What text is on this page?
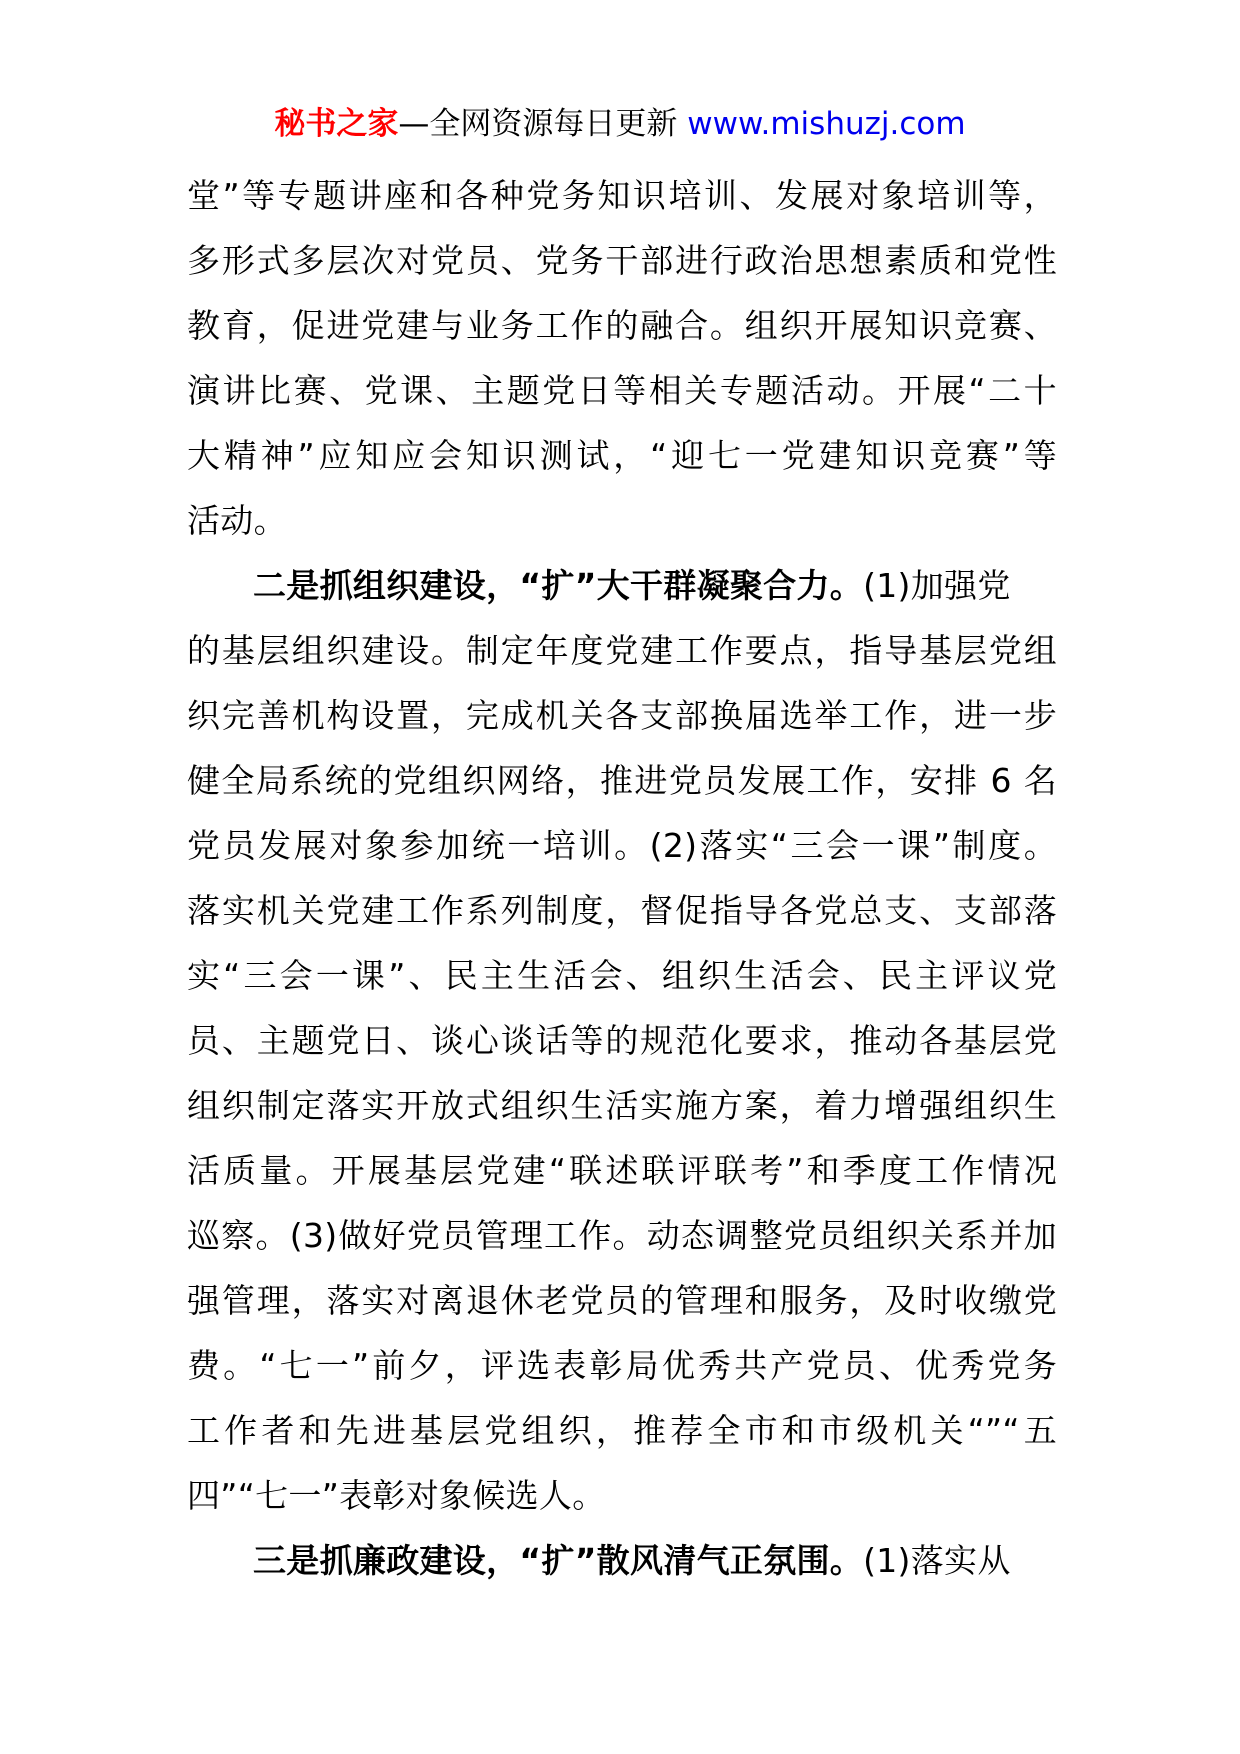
秘书之家—全网资源每日更新 www.mishuzj.com
堂”等专题讲座和各种党务知识培训、发展对象培训等，
多形式多层次对党员、党务干部进行政治思想素质和党性
教育，促进党建与业务工作的融合。组织开展知识竞赛、
演讲比赛、党课、主题党日等相关专题活动。开展“二十
大精神”应知应会知识测试，“迎七一党建知识竞赛”等
活动。
二是抓组织建设，“扩”大干群凝聚合力。(1)加强党
的基层组织建设。制定年度党建工作要点，指导基层党组
织完善机构设置，完成机关各支部换届选举工作，进一步
健全局系统的党组织网络，推进党员发展工作，安排 6 名
党员发展对象参加统一培训。(2)落实“三会一课”制度。
落实机关党建工作系列制度，督促指导各党总支、支部落
实“三会一课”、民主生活会、组织生活会、民主评议党
员、主题党日、谈心谈话等的规范化要求，推动各基层党
组织制定落实开放式组织生活实施方案，着力增强组织生
活质量。开展基层党建“联述联评联考”和季度工作情况
巡察。(3)做好党员管理工作。动态调整党员组织关系并加
强管理，落实对离退休老党员的管理和服务，及时收缴党
费。“七一”前夕，评选表彰局优秀共产党员、优秀党务
工作者和先进基层党组织，推荐全市和市级机关“”“五
四”“七一”表彰对象候选人。
三是抓廉政建设，“扩”散风清气正氛围。(1)落实从
